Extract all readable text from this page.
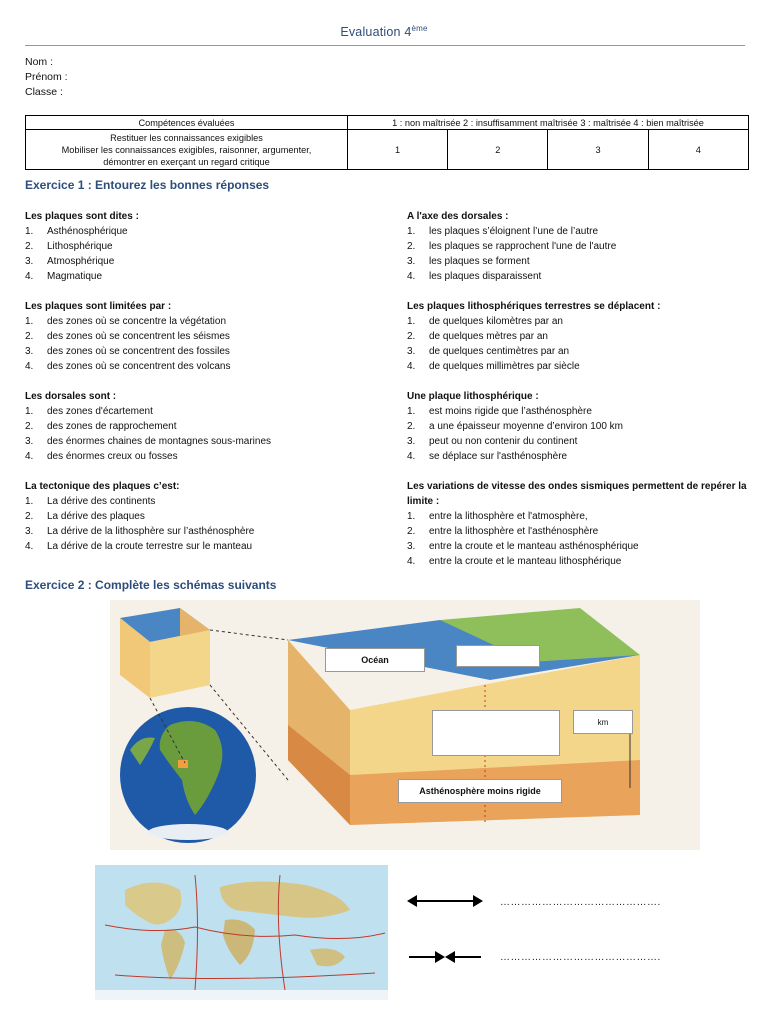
Evaluation 4ème
Nom :
Prénom :
Classe :
Compétences évaluées	1 : non maîtrisée 2 : insuffisamment maîtrisée 3 : maîtrisée 4 : bien maîtrisée			

Restituer les connaissances exigibles
Mobiliser les connaissances exigibles, raisonner, argumenter,
démontrer en exerçant un regard critique	1	2	3	4
Exercice 1 : Entourez les bonnes réponses
Les plaques sont dites :
1.	Asthénosphérique
2.	Lithosphérique
3.	Atmosphérique
4.	Magmatique
Les plaques sont limitées par :
1.	des zones où se concentre la végétation
2.	des zones où se concentrent les séismes
3.	des zones où se concentrent des fossiles
4.	des zones où se concentrent des volcans
Les dorsales sont :
1.	des zones d'écartement
2.	des zones de rapprochement
3.	des énormes chaines de montagnes sous-marines
4.	des énormes creux ou fosses
La tectonique des plaques c’est:
1.	La dérive des continents
2.	La dérive des plaques
3.	La dérive de la lithosphère sur l’asthénosphère
4.	La dérive de la croute terrestre sur le manteau
A l'axe des dorsales :
1.	les plaques s’éloignent l’une de l’autre
2.	les plaques se rapprochent l'une de l'autre
3.	les plaques se forment
4.	les plaques disparaissent
Les plaques lithosphériques terrestres se déplacent :
1.	de quelques kilomètres par an
2.	de quelques mètres par an
3.	de quelques centimètres par an
4.	de quelques millimètres par siècle
Une plaque lithosphérique :
1.	est moins rigide que l’asthénosphère
2.	a une épaisseur moyenne d’environ 100 km
3.	peut ou non contenir du continent
4.	se déplace sur l'asthénosphère
Les variations de vitesse des ondes sismiques permettent de repérer la limite :
1.	entre la lithosphère et l'atmosphère,
2.	entre la lithosphère et l'asthénosphère
3.	entre la croute et le manteau asthénosphérique
4.	entre la croute et le manteau lithosphérique
Exercice 2 : Complète les schémas suivants
Océan
km
Asthénosphère moins rigide
……………………………………….
……………………………………….
